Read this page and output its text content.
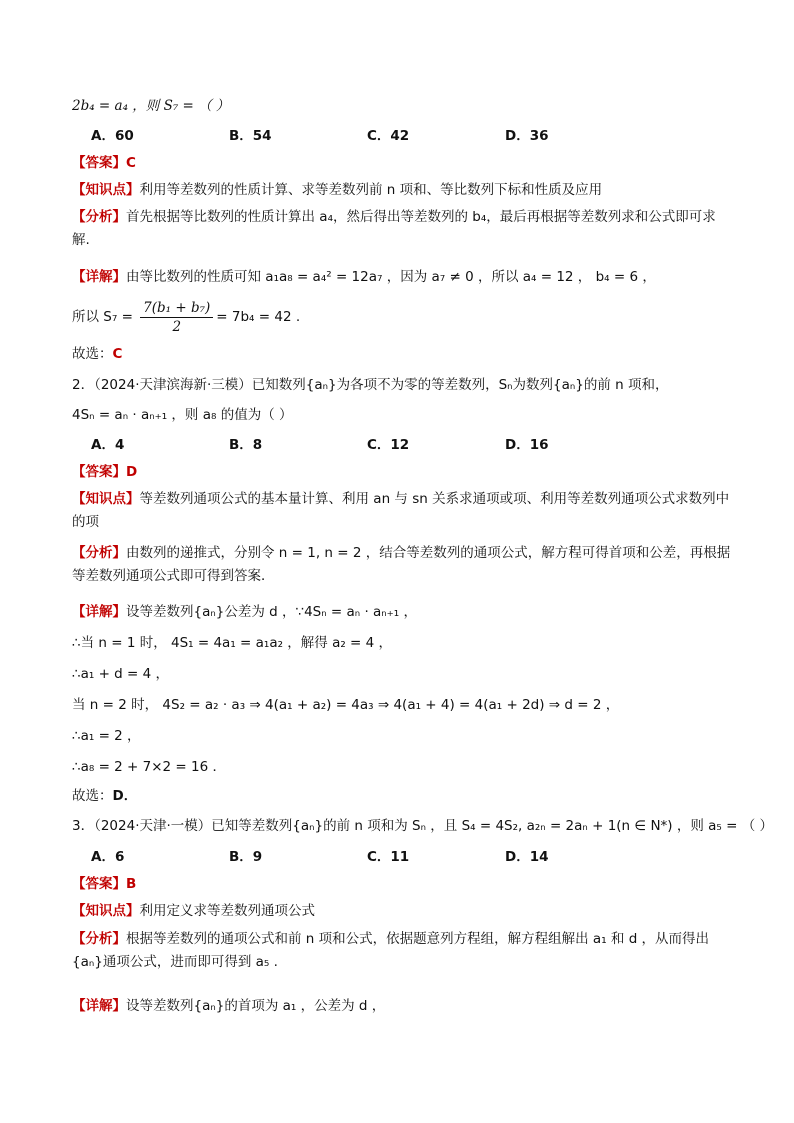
2b₄ = a₄ ，则 S₇ = （ ）
A．60	B．54	C．42	D．36
【答案】C
【知识点】利用等差数列的性质计算、求等差数列前 n 项和、等比数列下标和性质及应用
【分析】首先根据等比数列的性质计算出 a₄，然后得出等差数列的 b₄，最后再根据等差数列求和公式即可求解.
【详解】由等比数列的性质可知 a₁a₈ = a₄² = 12a₇ ，因为 a₇ ≠ 0 ，所以 a₄ = 12 ， b₄ = 6 ，
所以 $S_7 = \frac{\text{7(b₁ + b₇)}}{2} = 7b_4 = 42$ .
故选：C
2．（2024·天津滨海新·三模）已知数列{aₙ}为各项不为零的等差数列，Sₙ为数列{aₙ}的前 n 项和，
4Sₙ = aₙ · aₙ₊₁ ，则 a₈ 的值为（ ）
A．4	B．8	C．12	D．16
【答案】D
【知识点】等差数列通项公式的基本量计算、利用 an 与 sn 关系求通项或项、利用等差数列通项公式求数列中的项
【分析】由数列的递推式，分别令 n = 1, n = 2 ，结合等差数列的通项公式，解方程可得首项和公差，再根据等差数列通项公式即可得到答案．
【详解】设等差数列{aₙ}公差为 d ，∵4Sₙ = aₙ · aₙ₊₁ ，
∴当 n = 1 时， 4S₁ = 4a₁ = a₁a₂ ，解得 a₂ = 4 ，
∴a₁ + d = 4 ，
当 n = 2 时， 4S₂ = a₂ · a₃ ⇒ 4(a₁ + a₂) = 4a₃ ⇒ 4(a₁ + 4) = 4(a₁ + 2d) ⇒ d = 2 ，
∴a₁ = 2 ，
∴a₈ = 2 + 7×2 = 16 ．
故选：D．
3．（2024·天津·一模）已知等差数列{aₙ}的前 n 项和为 Sₙ ，且 S₄ = 4S₂, a₂ₙ = 2aₙ + 1(n ∈ N*) ，则 a₅ = （ ）
A．6	B．9	C．11	D．14
【答案】B
【知识点】利用定义求等差数列通项公式
【分析】根据等差数列的通项公式和前 n 项和公式，依据题意列方程组，解方程组解出 a₁ 和 d ，从而得出{aₙ}通项公式，进而即可得到 a₅ .
【详解】设等差数列{aₙ}的首项为 a₁ ，公差为 d ，
